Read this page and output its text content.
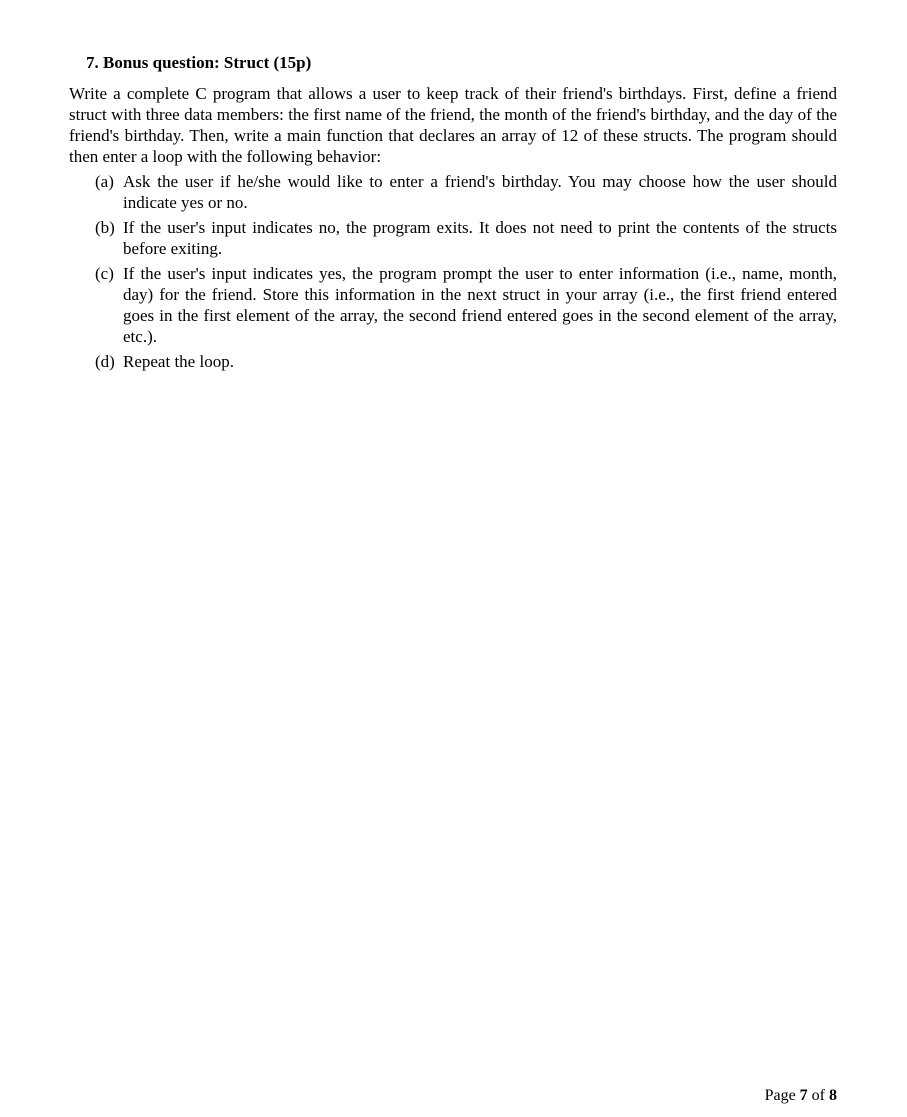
7. Bonus question: Struct (15p)

Write a complete C program that allows a user to keep track of their friend's birthdays. First, define a friend struct with three data members: the first name of the friend, the month of the friend's birthday, and the day of the friend's birthday. Then, write a main function that declares an array of 12 of these structs. The program should then enter a loop with the following behavior:

(a) Ask the user if he/she would like to enter a friend's birthday. You may choose how the user should indicate yes or no.
(b) If the user's input indicates no, the program exits. It does not need to print the contents of the structs before exiting.
(c) If the user's input indicates yes, the program prompt the user to enter information (i.e., name, month, day) for the friend. Store this information in the next struct in your array (i.e., the first friend entered goes in the first element of the array, the second friend entered goes in the second element of the array, etc.).
(d) Repeat the loop.
Page 7 of 8
